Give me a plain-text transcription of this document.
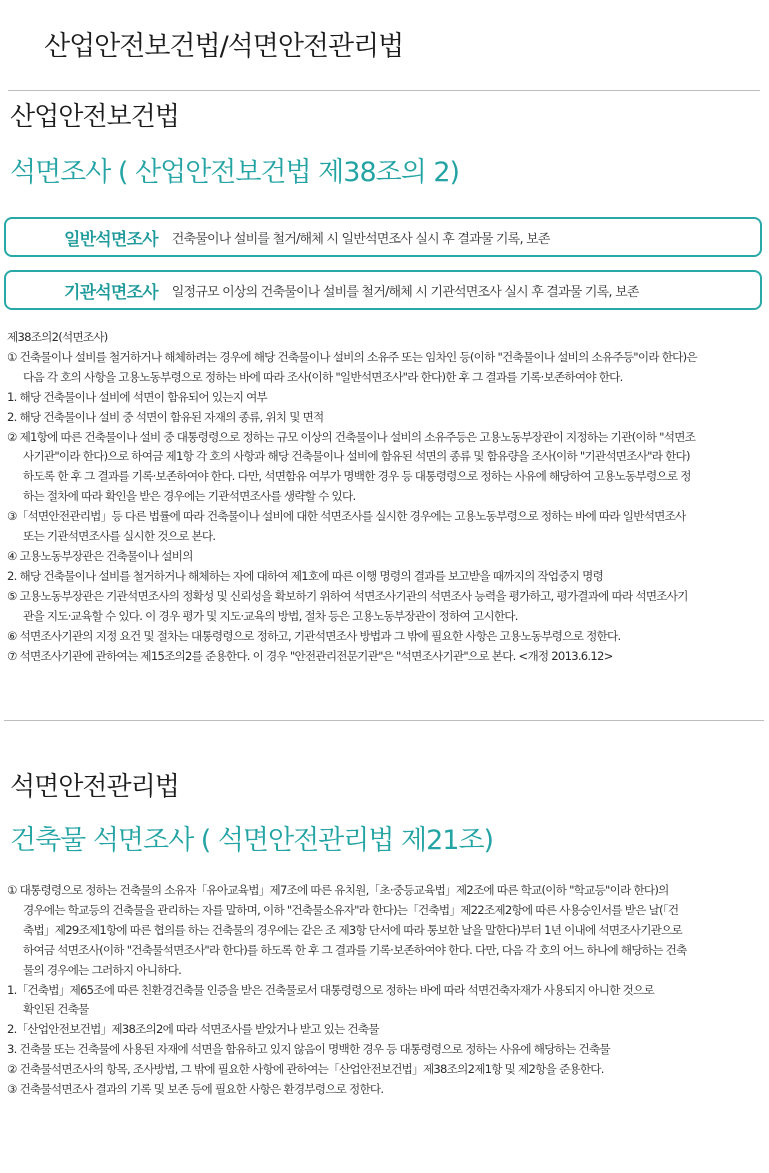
산업안전보건법/석면안전관리법
산업안전보건법
석면조사 ( 산업안전보건법 제38조의 2)
일반석면조사 건축물이나 설비를 철거/해체 시 일반석면조사 실시 후 결과물 기록, 보존
기관석면조사 일정규모 이상의 건축물이나 설비를 철거/해체 시 기관석면조사 실시 후 결과물 기록, 보존

제38조의2(석면조사)

① 건축물이나 설비를 철거하거나 해체하려는 경우에 해당 건축물이나 설비의 소유주 또는 임차인 등(이하 "건축물이나 설비의 소유주등"이라 한다)은

다음 각 호의 사항을 고용노동부령으로 정하는 바에 따라 조사(이하 "일반석면조사"라 한다)한 후 그 결과를 기록·보존하여야 한다.

1. 해당 건축물이나 설비에 석면이 함유되어 있는지 여부

2. 해당 건축물이나 설비 중 석면이 함유된 자재의 종류, 위치 및 면적

② 제1항에 따른 건축물이나 설비 중 대통령령으로 정하는 규모 이상의 건축물이나 설비의 소유주등은 고용노동부장관이 지정하는 기관(이하 "석면조

사기관"이라 한다)으로 하여금 제1항 각 호의 사항과 해당 건축물이나 설비에 함유된 석면의 종류 및 함유량을 조사(이하 "기관석면조사"라 한다)

하도록 한 후 그 결과를 기록·보존하여야 한다. 다만, 석면함유 여부가 명백한 경우 등 대통령령으로 정하는 사유에 해당하여 고용노동부령으로 정

하는 절차에 따라 확인을 받은 경우에는 기관석면조사를 생략할 수 있다.

③「석면안전관리법」등 다른 법률에 따라 건축물이나 설비에 대한 석면조사를 실시한 경우에는 고용노동부령으로 정하는 바에 따라 일반석면조사

또는 기관석면조사를 실시한 것으로 본다.

④ 고용노동부장관은 건축물이나 설비의

2. 해당 건축물이나 설비를 철거하거나 해체하는 자에 대하여 제1호에 따른 이행 명령의 결과를 보고받을 때까지의 작업중지 명령

⑤ 고용노동부장관은 기관석면조사의 정확성 및 신뢰성을 확보하기 위하여 석면조사기관의 석면조사 능력을 평가하고, 평가결과에 따라 석면조사기

관을 지도·교육할 수 있다. 이 경우 평가 및 지도·교육의 방법, 절차 등은 고용노동부장관이 정하여 고시한다.

⑥ 석면조사기관의 지정 요건 및 절차는 대통령령으로 정하고, 기관석면조사 방법과 그 밖에 필요한 사항은 고용노동부령으로 정한다.

⑦ 석면조사기관에 관하여는 제15조의2를 준용한다. 이 경우 "안전관리전문기관"은 "석면조사기관"으로 본다. <개정 2013.6.12>

석면안전관리법
건축물 석면조사 ( 석면안전관리법 제21조)

① 대통령령으로 정하는 건축물의 소유자「유아교육법」제7조에 따른 유치원,「초·중등교육법」제2조에 따른 학교(이하 "학교등"이라 한다)의

경우에는 학교등의 건축물을 관리하는 자를 말하며, 이하 "건축물소유자"라 한다)는「건축법」제22조제2항에 따른 사용승인서를 받은 날(「건

축법」제29조제1항에 따른 협의를 하는 건축물의 경우에는 같은 조 제3항 단서에 따라 통보한 날을 말한다)부터 1년 이내에 석면조사기관으로

하여금 석면조사(이하 "건축물석면조사"라 한다)를 하도록 한 후 그 결과를 기록·보존하여야 한다. 다만, 다음 각 호의 어느 하나에 해당하는 건축

물의 경우에는 그러하지 아니하다.

1.「건축법」제65조에 따른 친환경건축물 인증을 받은 건축물로서 대통령령으로 정하는 바에 따라 석면건축자재가 사용되지 아니한 것으로

확인된 건축물

2.「산업안전보건법」제38조의2에 따라 석면조사를 받았거나 받고 있는 건축물

3. 건축물 또는 건축물에 사용된 자재에 석면을 함유하고 있지 않음이 명백한 경우 등 대통령령으로 정하는 사유에 해당하는 건축물

② 건축물석면조사의 항목, 조사방법, 그 밖에 필요한 사항에 관하여는「산업안전보건법」제38조의2제1항 및 제2항을 준용한다.

③ 건축물석면조사 결과의 기록 및 보존 등에 필요한 사항은 환경부령으로 정한다.
